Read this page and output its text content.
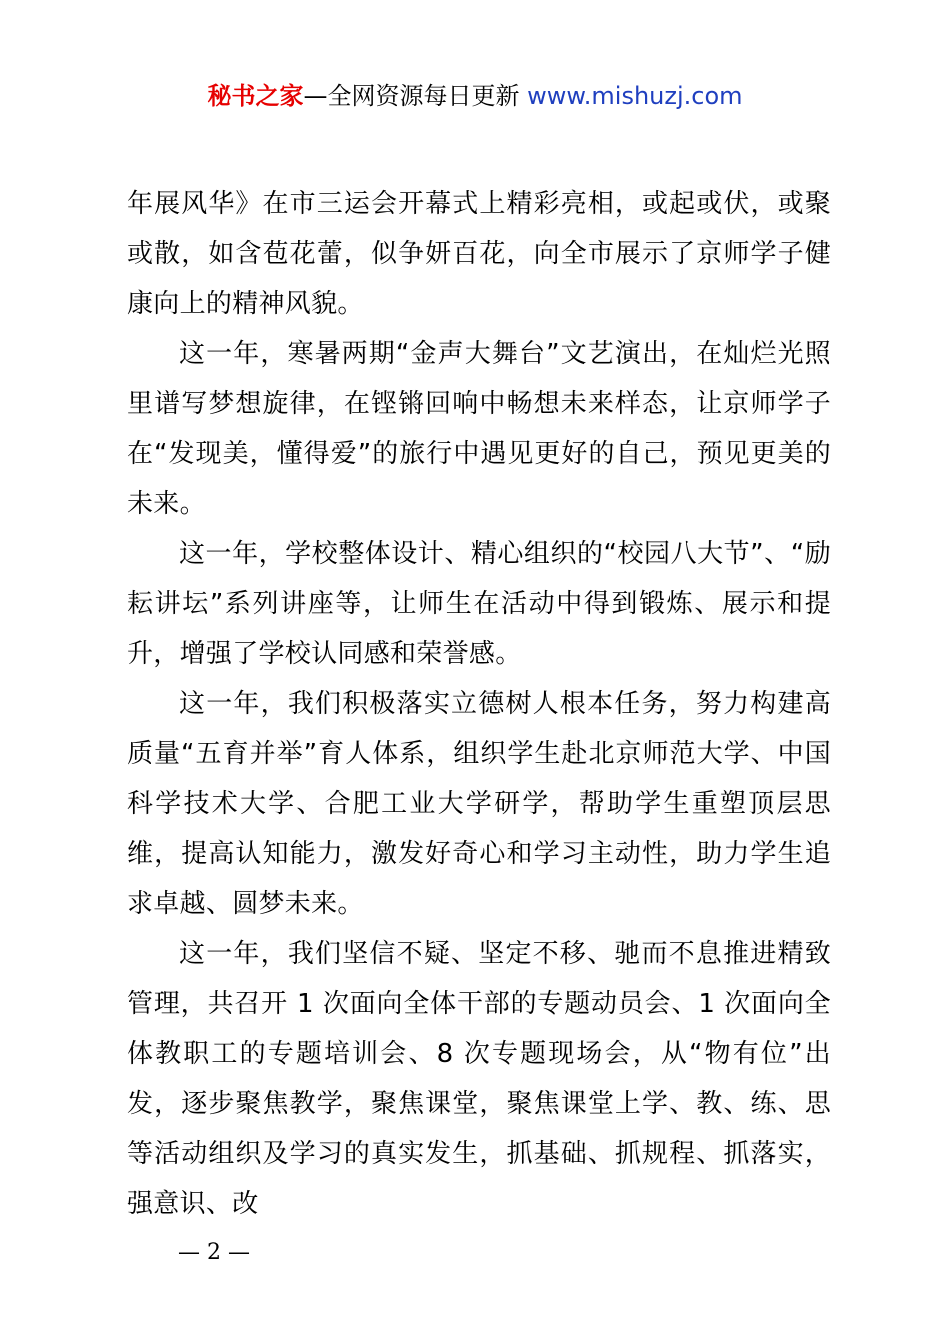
秘书之家—全网资源每日更新 www.mishuzj.com

年展风华》在市三运会开幕式上精彩亮相，或起或伏，或聚或散，如含苞花蕾，似争妍百花，向全市展示了京师学子健康向上的精神风貌。

这一年，寒暑两期“金声大舞台”文艺演出，在灿烂光照里谱写梦想旋律，在铿锵回响中畅想未来样态，让京师学子在“发现美，懂得爱”的旅行中遇见更好的自己，预见更美的未来。

这一年，学校整体设计、精心组织的“校园八大节”、“励耘讲坛”系列讲座等，让师生在活动中得到锻炼、展示和提升，增强了学校认同感和荣誉感。

这一年，我们积极落实立德树人根本任务，努力构建高质量“五育并举”育人体系，组织学生赴北京师范大学、中国科学技术大学、合肥工业大学研学，帮助学生重塑顶层思维，提高认知能力，激发好奇心和学习主动性，助力学生追求卓越、圆梦未来。

这一年，我们坚信不疑、坚定不移、驰而不息推进精致管理，共召开 1 次面向全体干部的专题动员会、1 次面向全体教职工的专题培训会、8 次专题现场会，从“物有位”出发，逐步聚焦教学，聚焦课堂，聚焦课堂上学、教、练、思等活动组织及学习的真实发生，抓基础、抓规程、抓落实，强意识、改

— 2 —
